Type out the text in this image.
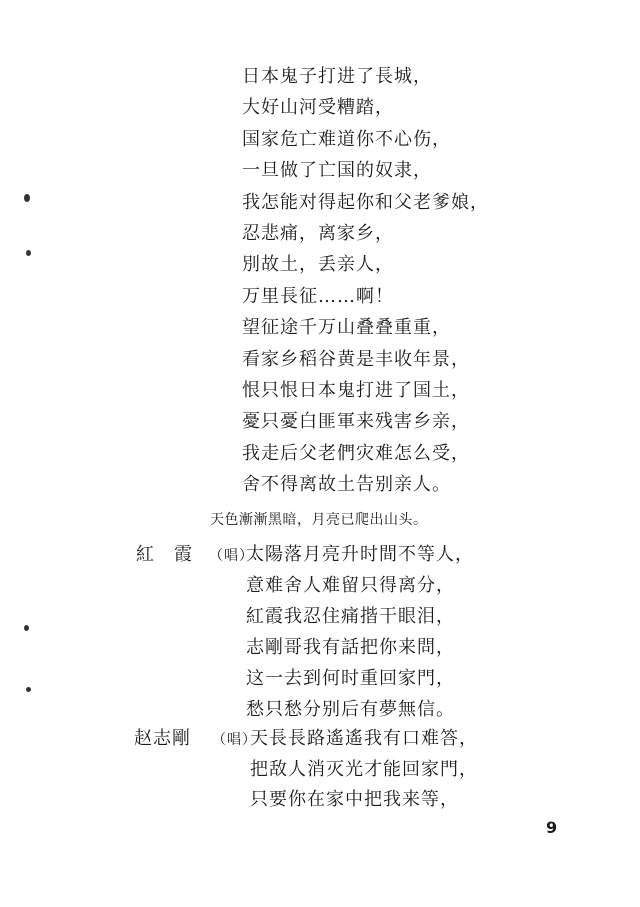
日本鬼子打进了長城，
大好山河受糟踏，
国家危亡难道你不心伤，
一旦做了亡国的奴隶，
我怎能对得起你和父老爹娘，
忍悲痛，离家乡，
別故土，丢亲人，
万里長征……啊！
望征途千万山叠叠重重，
看家乡稻谷黄是丰收年景，
恨只恨日本鬼打进了国土，
憂只憂白匪軍来残害乡亲，
我走后父老們灾难怎么受，
舍不得离故土告别亲人。
天色漸漸黑暗，月亮已爬出山头。
紅　霞 （唱）
太陽落月亮升时間不等人，
意难舍人难留只得离分，
紅霞我忍住痛揩干眼泪，
志剛哥我有話把你来問，
这一去到何时重回家門，
愁只愁分别后有夢無信。
赵志剛 （唱）
天長長路遙遙我有口难答，
把敌人消灭光才能回家門，
只要你在家中把我来等，
9
